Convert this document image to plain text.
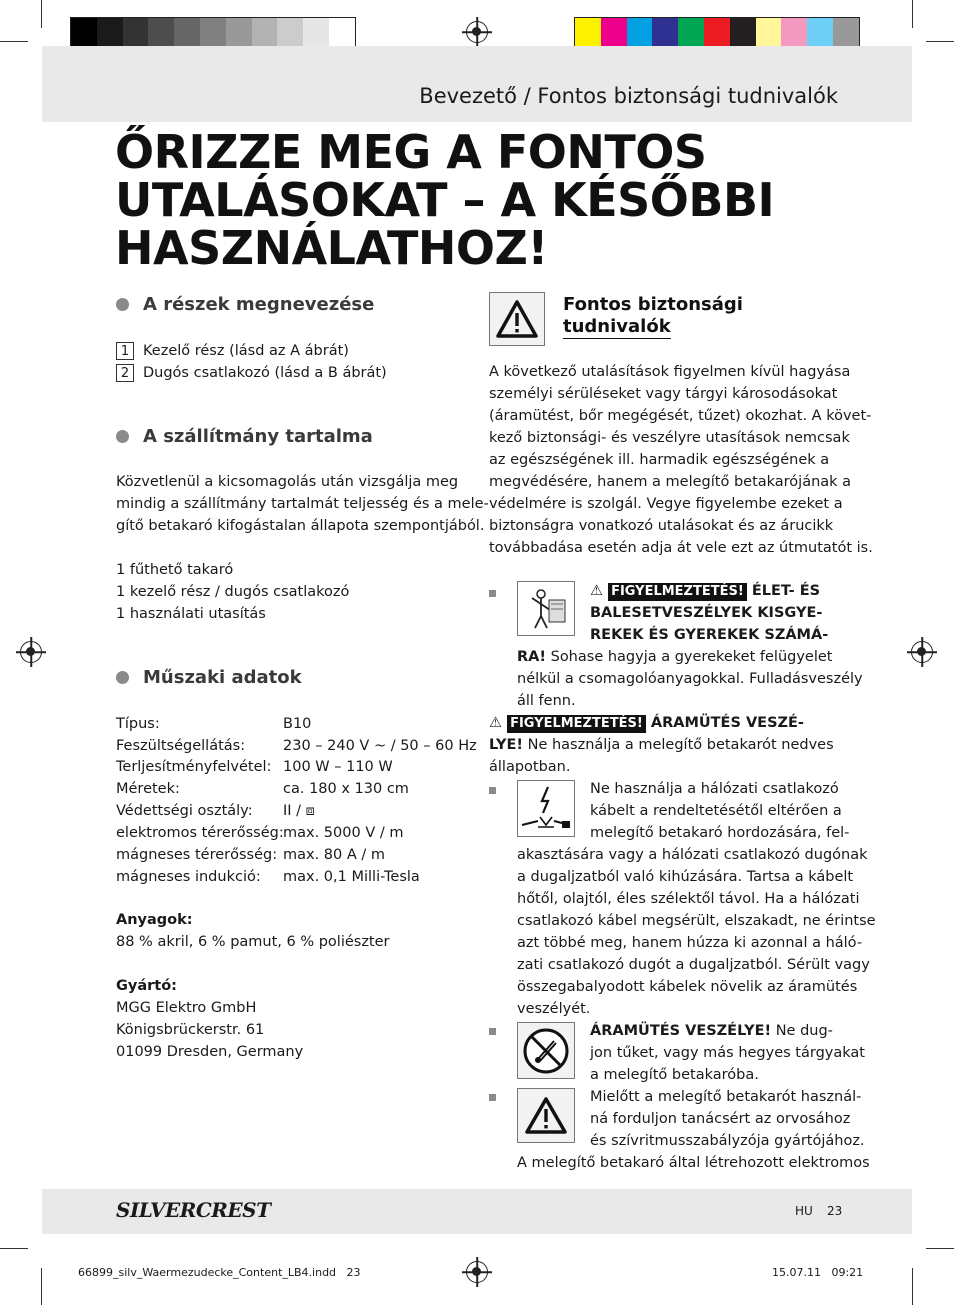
Bevezető / Fontos biztonsági tudnivalók
ŐRIZZE MEG A FONTOS UTALÁSOKAT – A KÉSŐBBI HASZNÁLATHOZ!
A részek megnevezése
1 Kezelő rész (lásd az A ábrát)
2 Dugós csatlakozó (lásd a B ábrát)
A szállítmány tartalma
Közvetlenül a kicsomagolás után vizsgálja meg
mindig a szállítmány tartalmát teljesség és a mele-
gítő betakaró kifogástalan állapota szempontjából.
1 fűthető takaró
1 kezelő rész / dugós csatlakozó
1 használati utasítás
Műszaki adatok
Típus:	B10
Feszültségellátás:	230 – 240 V ~ / 50 – 60 Hz
Terljesítményfelvétel: 100 W – 110 W
Méretek:	ca. 180 x 130 cm
Védettségi osztály: II / ⧈
elektromos térerősség: max. 5000 V / m
mágneses térerősség: max. 80 A / m
mágneses indukció: max. 0,1 Milli-Tesla
Anyagok:
88 % akril, 6 % pamut, 6 % poliészter
Gyártó:
MGG Elektro GmbH
Königsbrückerstr. 61
01099 Dresden, Germany
Fontos biztonsági
tudnivalók
A következő utalásítások figyelmen kívül hagyása
személyi sérüléseket vagy tárgyi károsodásokat
(áramütést, bőr megégését, tűzet) okozhat. A követ-
kező biztonsági- és veszélyre utasítások nemcsak
az egészségének ill. harmadik egészségének a
megvédésére, hanem a melegítő betakarójának a
védelmére is szolgál. Vegye figyelembe ezeket a
biztonságra vonatkozó utalásokat és az árucikk
továbbadása esetén adja át vele ezt az útmutatót is.
⚠ FIGYELMEZTETÉS! ÉLET- ÉS
BALESETVESZÉLYEK KISGYE-
REKEK ÉS GYEREKEK SZÁMÁ-
RA! Sohase hagyja a gyerekeket felügyelet
nélkül a csomagolóanyagokkal. Fulladásveszély
áll fenn.
⚠ FIGYELMEZTETÉS! ÁRAMÜTÉS VESZÉ-
LYE! Ne használja a melegítő betakarót nedves
állapotban.
Ne használja a hálózati csatlakozó
kábelt a rendeltetésétől eltérően a
melegítő betakaró hordozására, fel-
akasztására vagy a hálózati csatlakozó dugónak
a dugaljzatból való kihúzására. Tartsa a kábelt
hőtől, olajtól, éles szélektől távol. Ha a hálózati
csatlakozó kábel megsérült, elszakadt, ne érintse
azt többé meg, hanem húzza ki azonnal a háló-
zati csatlakozó dugót a dugaljzatból. Sérült vagy
összegabalyodott kábelek növelik az áramütés
veszélyét.
ÁRAMÜTÉS VESZÉLYE! Ne dug-
jon tűket, vagy más hegyes tárgyakat
a melegítő betakaróba.
Mielőtt a melegítő betakarót használ-
ná forduljon tanácsért az orvosához
és szívritmusszabályzója gyártójához.
A melegítő betakaró által létrehozott elektromos
SILVERCREST	HU 23
66899_silv_Waermezudecke_Content_LB4.indd   23	15.07.11   09:21
